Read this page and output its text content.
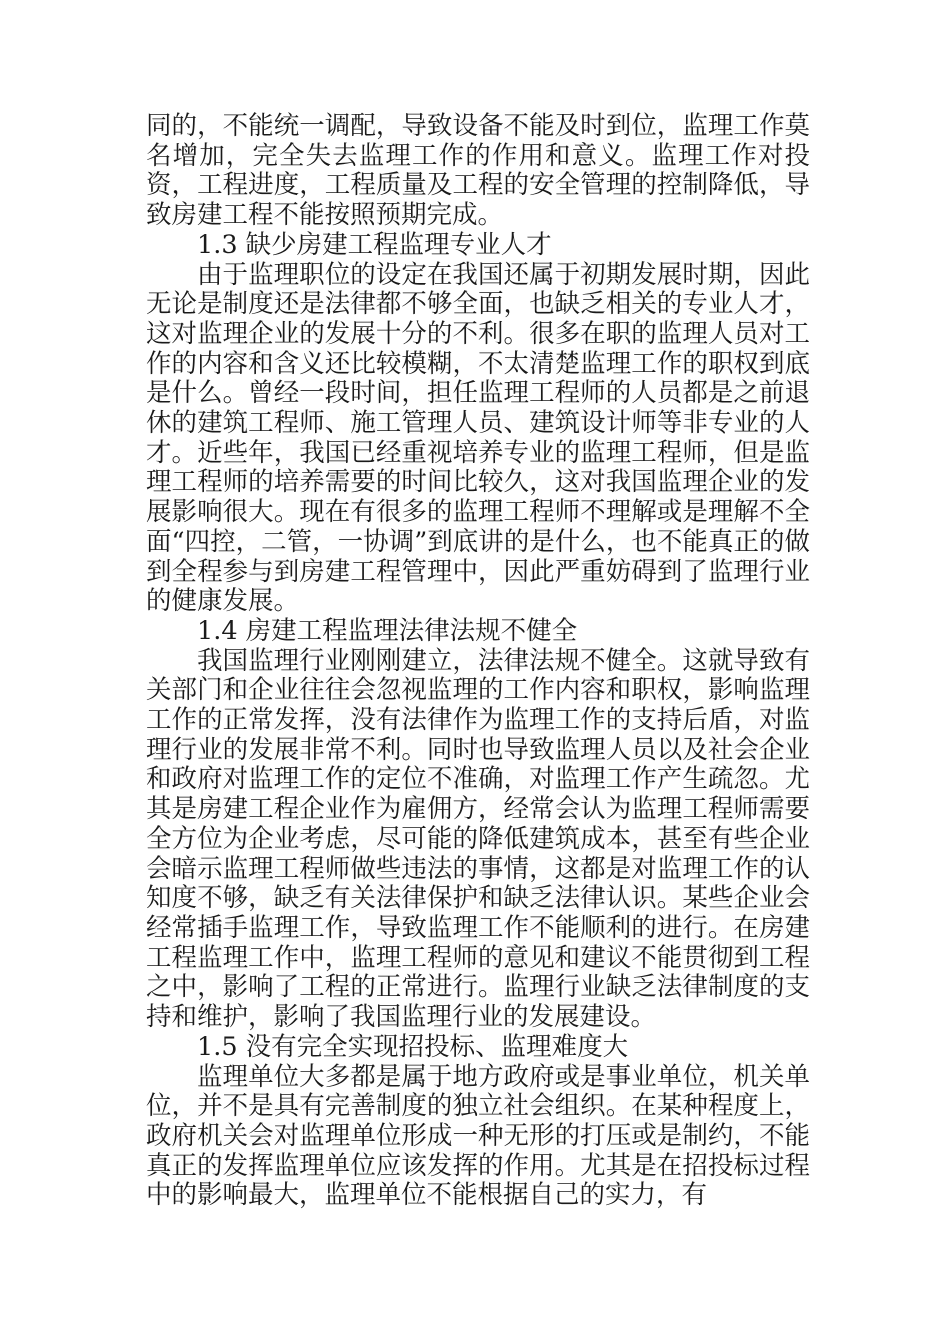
同的，不能统一调配，导致设备不能及时到位，监理工作莫名增加，完全失去监理工作的作用和意义。监理工作对投资，工程进度，工程质量及工程的安全管理的控制降低，导致房建工程不能按照预期完成。

1.3 缺少房建工程监理专业人才

由于监理职位的设定在我国还属于初期发展时期，因此无论是制度还是法律都不够全面，也缺乏相关的专业人才，这对监理企业的发展十分的不利。很多在职的监理人员对工作的内容和含义还比较模糊，不太清楚监理工作的职权到底是什么。曾经一段时间，担任监理工程师的人员都是之前退休的建筑工程师、施工管理人员、建筑设计师等非专业的人才。近些年，我国已经重视培养专业的监理工程师，但是监理工程师的培养需要的时间比较久，这对我国监理企业的发展影响很大。现在有很多的监理工程师不理解或是理解不全面“四控，二管，一协调”到底讲的是什么，也不能真正的做到全程参与到房建工程管理中，因此严重妨碍到了监理行业的健康发展。

1.4 房建工程监理法律法规不健全

我国监理行业刚刚建立，法律法规不健全。这就导致有关部门和企业往往会忽视监理的工作内容和职权，影响监理工作的正常发挥，没有法律作为监理工作的支持后盾，对监理行业的发展非常不利。同时也导致监理人员以及社会企业和政府对监理工作的定位不准确，对监理工作产生疏忽。尤其是房建工程企业作为雇佣方，经常会认为监理工程师需要全方位为企业考虑，尽可能的降低建筑成本，甚至有些企业会暗示监理工程师做些违法的事情，这都是对监理工作的认知度不够，缺乏有关法律保护和缺乏法律认识。某些企业会经常插手监理工作，导致监理工作不能顺利的进行。在房建工程监理工作中，监理工程师的意见和建议不能贯彻到工程之中，影响了工程的正常进行。监理行业缺乏法律制度的支持和维护，影响了我国监理行业的发展建设。

1.5 没有完全实现招投标、监理难度大

监理单位大多都是属于地方政府或是事业单位，机关单位，并不是具有完善制度的独立社会组织。在某种程度上，政府机关会对监理单位形成一种无形的打压或是制约，不能真正的发挥监理单位应该发挥的作用。尤其是在招投标过程中的影响最大，监理单位不能根据自己的实力，有
